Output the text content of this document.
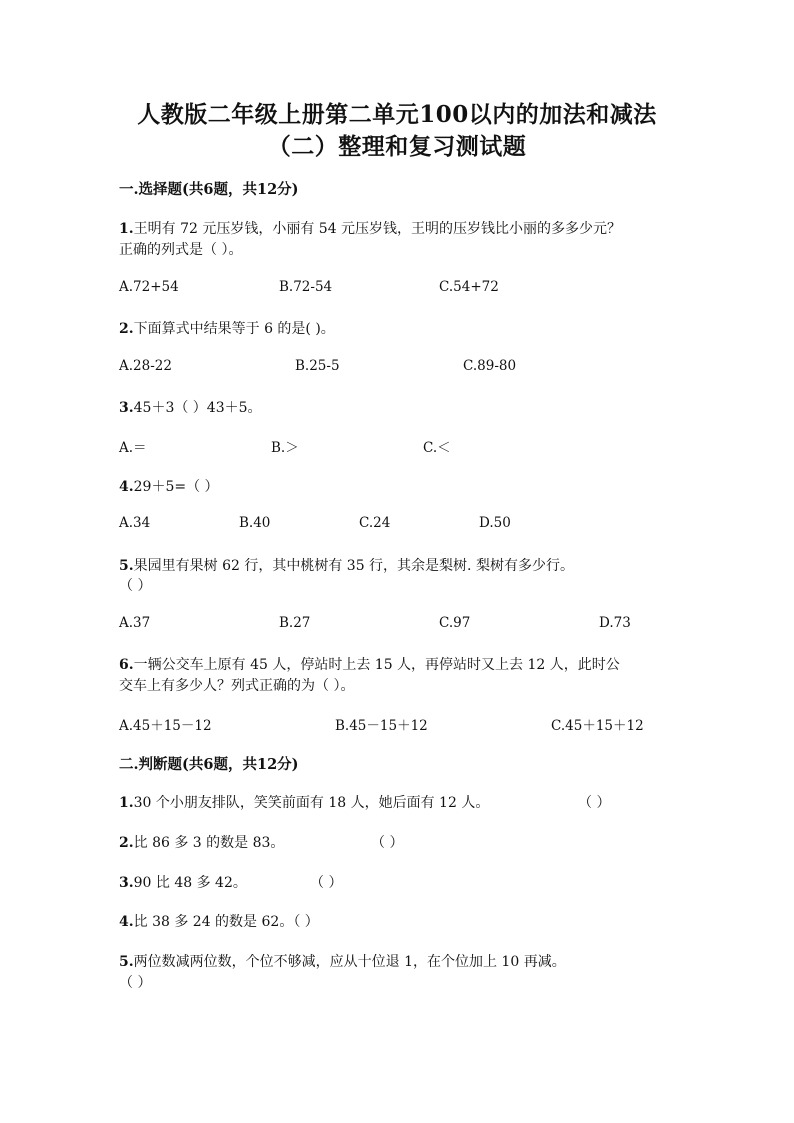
人教版二年级上册第二单元100以内的加法和减法
（二）整理和复习测试题
一.选择题(共6题，共12分)
1.王明有 72 元压岁钱，小丽有 54 元压岁钱，王明的压岁钱比小丽的多多少元？
正确的列式是（ ）。
A.72+54	B.72-54	C.54+72
2.下面算式中结果等于 6 的是( )。
A.28-22	B.25-5	C.89-80
3.45＋3（ ）43＋5。
A.＝	B.＞	C.＜
4.29＋5=（ ）
A.34	B.40	C.24	D.50
5.果园里有果树 62 行，其中桃树有 35 行，其余是梨树. 梨树有多少行。
（ ）
A.37	B.27	C.97	D.73
6.一辆公交车上原有 45 人，停站时上去 15 人，再停站时又上去 12 人，此时公
交车上有多少人？列式正确的为（ ）。
A.45＋15－12	B.45－15＋12	C.45＋15＋12
二.判断题(共6题，共12分)
1.30 个小朋友排队，笑笑前面有 18 人，她后面有 12 人。	（ ）
2.比 86 多 3 的数是 83。	（ ）
3.90 比 48 多 42。	（ ）
4.比 38 多 24 的数是 62。（ ）
5.两位数减两位数，个位不够减，应从十位退 1，在个位加上 10 再减。
（ ）
